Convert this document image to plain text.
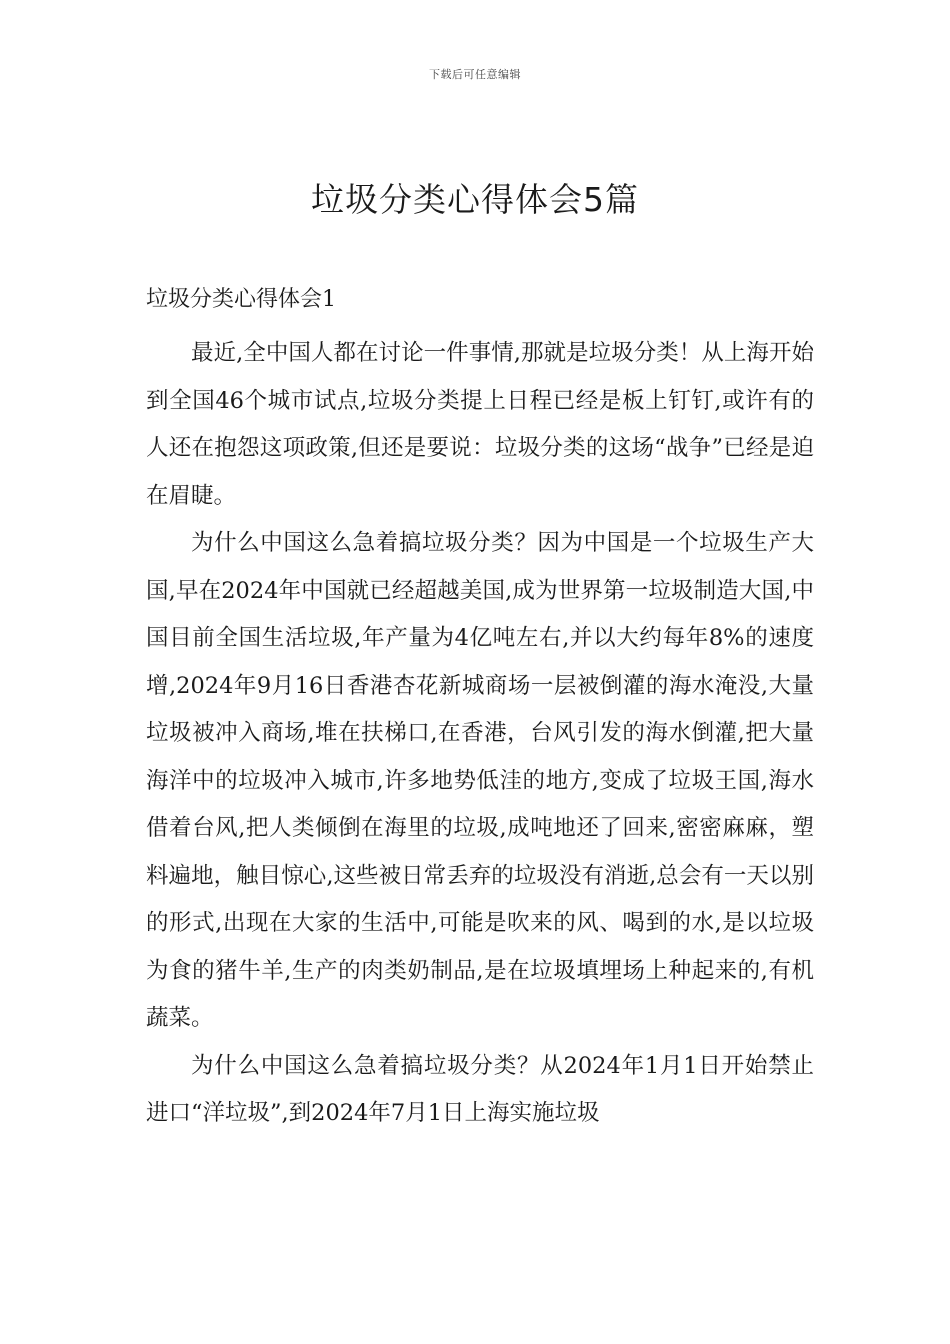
下载后可任意编辑
垃圾分类心得体会5篇
垃圾分类心得体会1

最近,全中国人都在讨论一件事情,那就是垃圾分类！从上海开始到全国46个城市试点,垃圾分类提上日程已经是板上钉钉,或许有的人还在抱怨这项政策,但还是要说：垃圾分类的这场“战争”已经是迫在眉睫。

为什么中国这么急着搞垃圾分类？因为中国是一个垃圾生产大国,早在2024年中国就已经超越美国,成为世界第一垃圾制造大国,中国目前全国生活垃圾,年产量为4亿吨左右,并以大约每年8%的速度增,2024年9月16日香港杏花新城商场一层被倒灌的海水淹没,大量垃圾被冲入商场,堆在扶梯口,在香港，台风引发的海水倒灌,把大量海洋中的垃圾冲入城市,许多地势低洼的地方,变成了垃圾王国,海水借着台风,把人类倾倒在海里的垃圾,成吨地还了回来,密密麻麻，塑料遍地，触目惊心,这些被日常丢弃的垃圾没有消逝,总会有一天以别的形式,出现在大家的生活中,可能是吹来的风、喝到的水,是以垃圾为食的猪牛羊,生产的肉类奶制品,是在垃圾填埋场上种起来的,有机蔬菜。

为什么中国这么急着搞垃圾分类？从2024年1月1日开始禁止进口“洋垃圾”,到2024年7月1日上海实施垃圾
